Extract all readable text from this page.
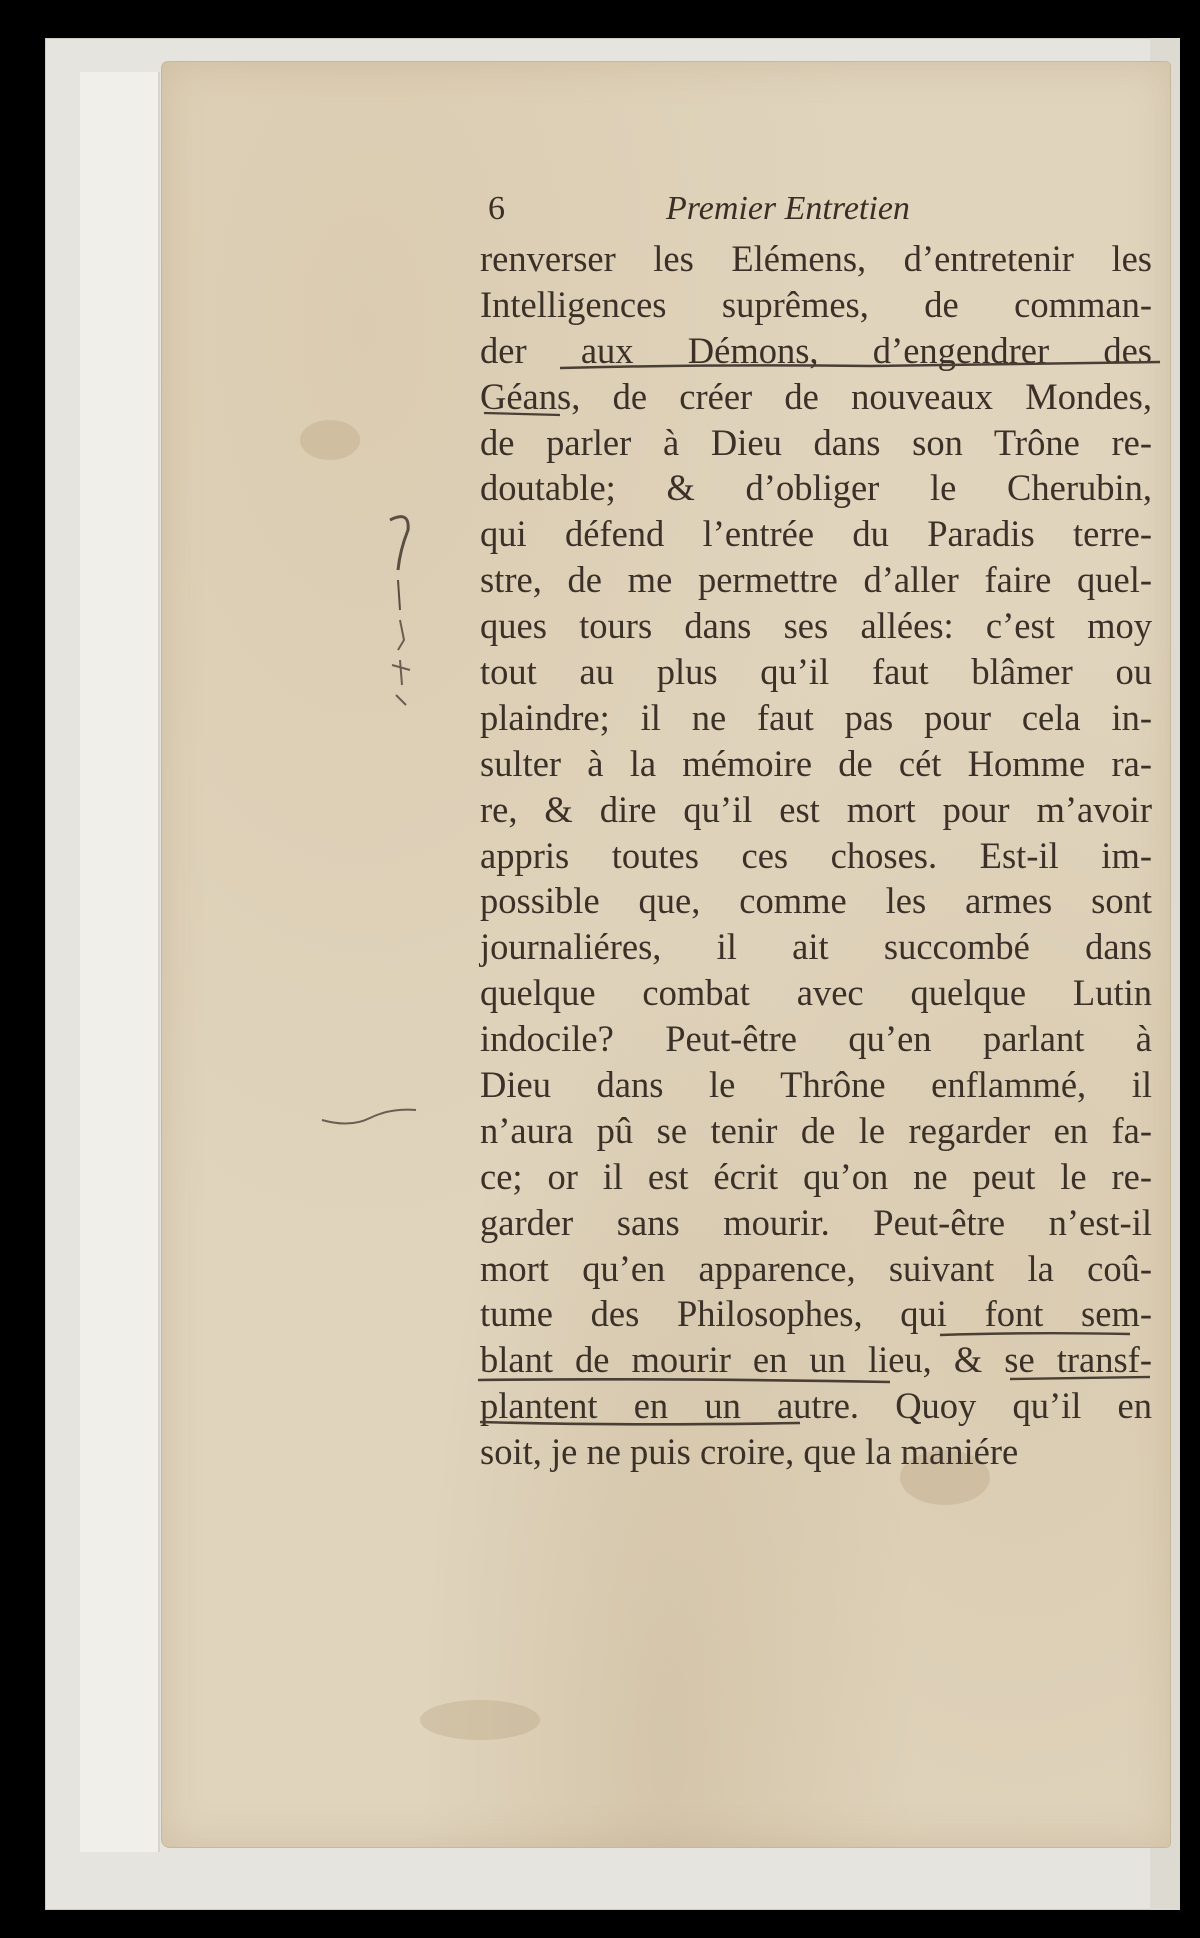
6	Premier Entretien
renverser les Elémens, d’entretenir les
Intelligences suprêmes, de comman-
der aux Démons, d’engendrer des
Géans, de créer de nouveaux Mondes,
de parler à Dieu dans son Trône re-
doutable; & d’obliger le Cherubin,
qui défend l’entrée du Paradis terre-
stre, de me permettre d’aller faire quel-
ques tours dans ses allées: c’est moy
tout au plus qu’il faut blâmer ou
plaindre; il ne faut pas pour cela in-
sulter à la mémoire de cét Homme ra-
re, & dire qu’il est mort pour m’avoir
appris toutes ces choses. Est-il im-
possible que, comme les armes sont
journaliéres, il ait succombé dans
quelque combat avec quelque Lutin
indocile? Peut-être qu’en parlant à
Dieu dans le Thrône enflammé, il
n’aura pû se tenir de le regarder en fa-
ce; or il est écrit qu’on ne peut le re-
garder sans mourir. Peut-être n’est-il
mort qu’en apparence, suivant la coû-
tume des Philosophes, qui font sem-
blant de mourir en un lieu, & se transf-
plantent en un autre. Quoy qu’il en
soit, je ne puis croire, que la maniére
